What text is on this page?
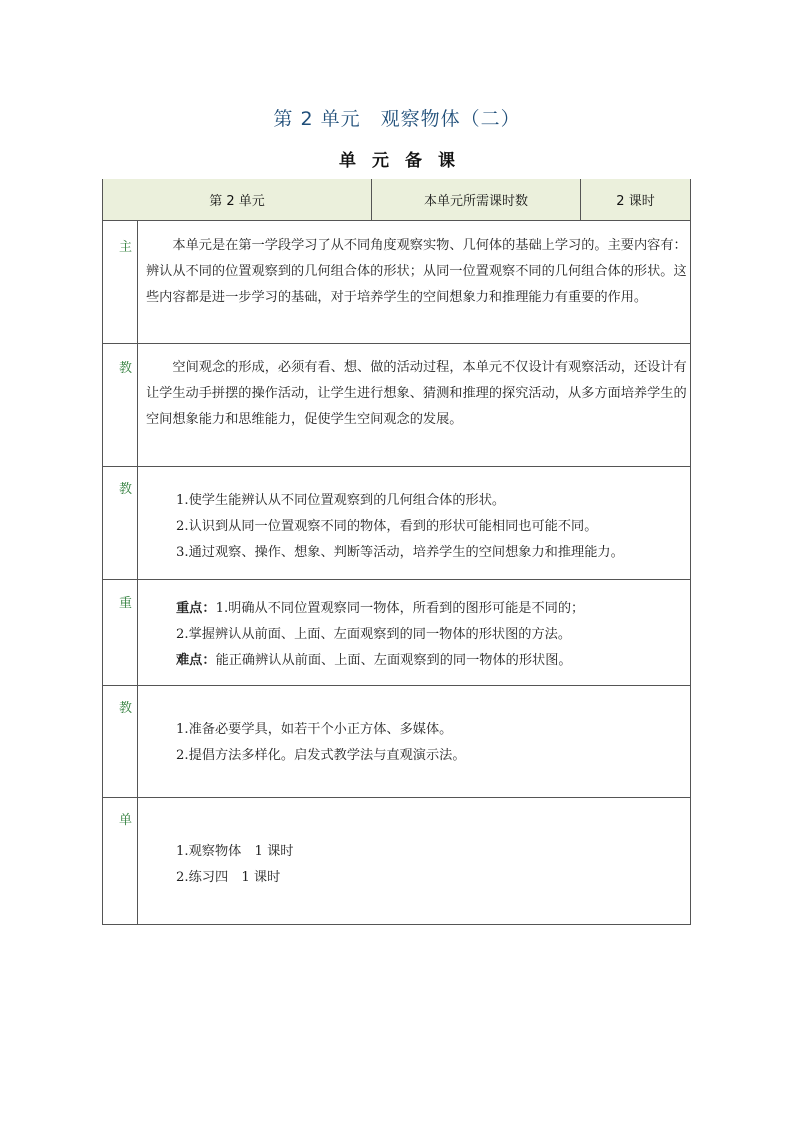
第 2 单元　观察物体（二）
单元备课
第 2 单元	本单元所需课时数	2 课时
主
教
教
重
教
单

本单元是在第一学段学习了从不同角度观察实物、几何体的基础上学习的。主要内容有：辨认从不同的位置观察到的几何组合体的形状；从同一位置观察不同的几何组合体的形状。这些内容都是进一步学习的基础，对于培养学生的空间想象力和推理能力有重要的作用。

空间观念的形成，必须有看、想、做的活动过程，本单元不仅设计有观察活动，还设计有让学生动手拼摆的操作活动，让学生进行想象、猜测和推理的探究活动，从多方面培养学生的空间想象能力和思维能力，促使学生空间观念的发展。

1.使学生能辨认从不同位置观察到的几何组合体的形状。
2.认识到从同一位置观察不同的物体，看到的形状可能相同也可能不同。
3.通过观察、操作、想象、判断等活动，培养学生的空间想象力和推理能力。
重点：1.明确从不同位置观察同一物体，所看到的图形可能是不同的；
2.掌握辨认从前面、上面、左面观察到的同一物体的形状图的方法。
难点：能正确辨认从前面、上面、左面观察到的同一物体的形状图。
1.准备必要学具，如若干个小正方体、多媒体。
2.提倡方法多样化。启发式教学法与直观演示法。
1.观察物体　1 课时
2.练习四　1 课时
